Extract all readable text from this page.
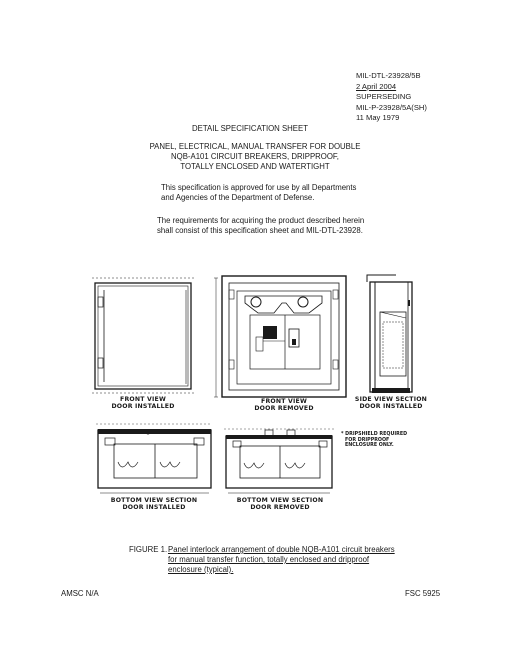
MIL-DTL-23928/5B
2 April 2004
SUPERSEDING
MIL-P-23928/5A(SH)
11 May 1979
DETAIL SPECIFICATION SHEET
PANEL, ELECTRICAL, MANUAL TRANSFER FOR DOUBLE
NQB-A101 CIRCUIT BREAKERS, DRIPPROOF,
TOTALLY ENCLOSED AND WATERTIGHT
This specification is approved for use by all Departments
and Agencies of the Department of Defense.
The requirements for acquiring the product described herein
shall consist of this specification sheet and MIL-DTL-23928.
FRONT VIEW
DOOR INSTALLED
FRONT VIEW
DOOR REMOVED
SIDE VIEW SECTION
DOOR INSTALLED
BOTTOM VIEW SECTION
DOOR INSTALLED
BOTTOM VIEW SECTION
DOOR REMOVED
* DRIPSHIELD REQUIRED
FOR DRIPPROOF
ENCLOSURE ONLY.
FIGURE 1. Panel interlock arrangement of double NQB-A101 circuit breakers
for manual transfer function, totally enclosed and dripproof
enclosure (typical).
AMSC N/A	FSC 5925
